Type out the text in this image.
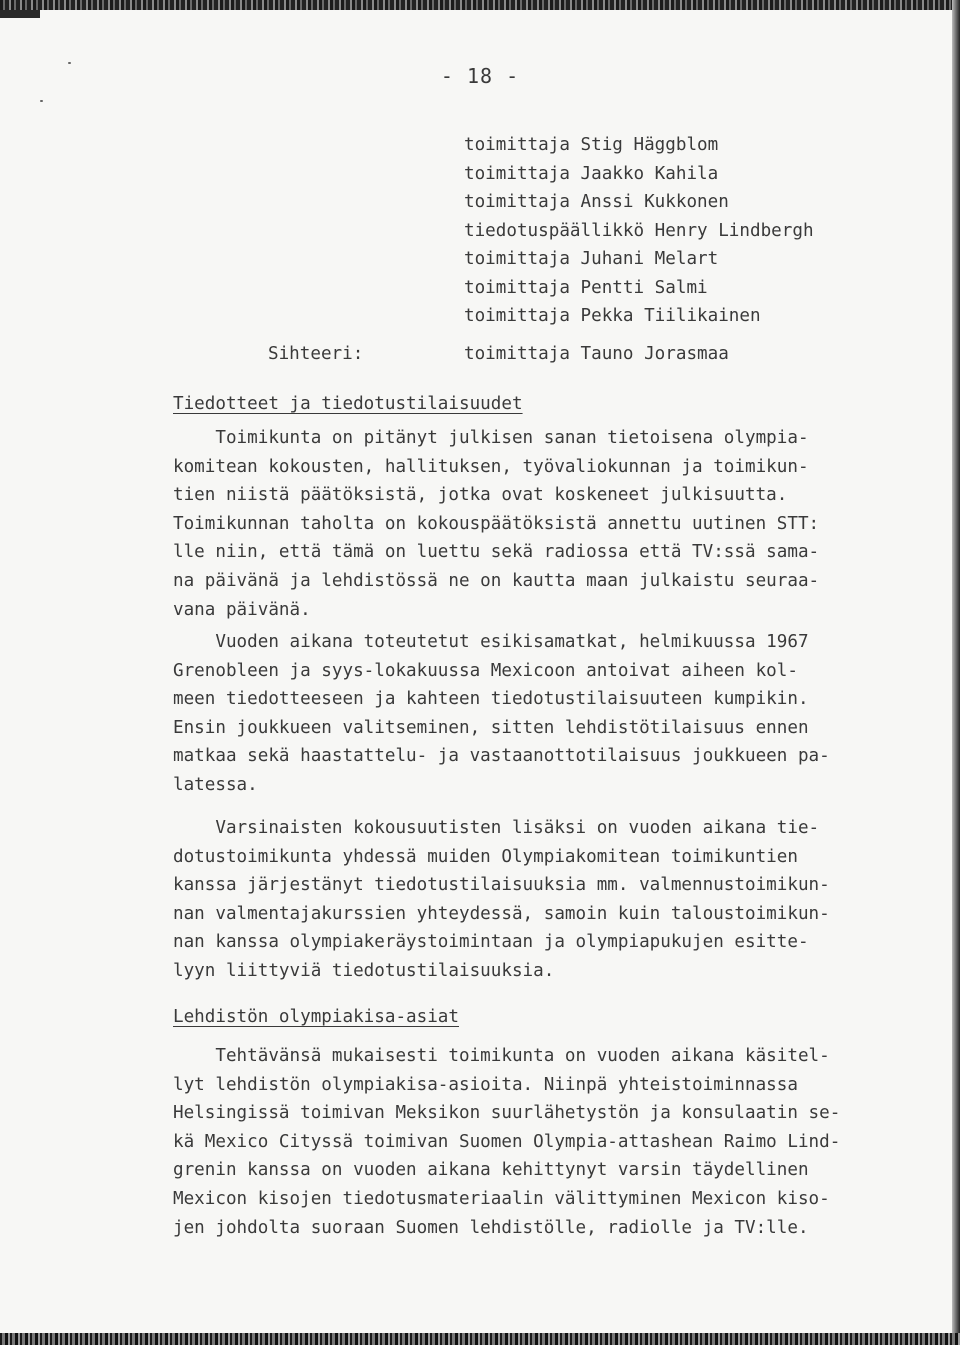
- 18 -
toimittaja Stig Häggblom
toimittaja Jaakko Kahila
toimittaja Anssi Kukkonen
tiedotuspäällikkö Henry Lindbergh
toimittaja Juhani Melart
toimittaja Pentti Salmi
toimittaja Pekka Tiilikainen
Sihteeri:	toimittaja Tauno Jorasmaa
Tiedotteet ja tiedotustilaisuudet
Toimikunta on pitänyt julkisen sanan tietoisena olympia-
komitean kokousten, hallituksen, työvaliokunnan ja toimikun-
tien niistä päätöksistä, jotka ovat koskeneet julkisuutta.
Toimikunnan taholta on kokouspäätöksistä annettu uutinen STT:
lle niin, että tämä on luettu sekä radiossa että TV:ssä sama-
na päivänä ja lehdistössä ne on kautta maan julkaistu seuraa-
vana päivänä.
Vuoden aikana toteutetut esikisamatkat, helmikuussa 1967
Grenobleen ja syys-lokakuussa Mexicoon antoivat aiheen kol-
meen tiedotteeseen ja kahteen tiedotustilaisuuteen kumpikin.
Ensin joukkueen valitseminen, sitten lehdistötilaisuus ennen
matkaa sekä haastattelu- ja vastaanottotilaisuus joukkueen pa-
latessa.
Varsinaisten kokousuutisten lisäksi on vuoden aikana tie-
dotustoimikunta yhdessä muiden Olympiakomitean toimikuntien
kanssa järjestänyt tiedotustilaisuuksia mm. valmennustoimikun-
nan valmentajakurssien yhteydessä, samoin kuin taloustoimikun-
nan kanssa olympiakeräystoimintaan ja olympiapukujen esitte-
lyyn liittyviä tiedotustilaisuuksia.
Lehdistön olympiakisa-asiat
Tehtävänsä mukaisesti toimikunta on vuoden aikana käsitel-
lyt lehdistön olympiakisa-asioita. Niinpä yhteistoiminnassa
Helsingissä toimivan Meksikon suurlähetystön ja konsulaatin se-
kä Mexico Cityssä toimivan Suomen Olympia-attashean Raimo Lind-
grenin kanssa on vuoden aikana kehittynyt varsin täydellinen
Mexicon kisojen tiedotusmateriaalin välittyminen Mexicon kiso-
jen johdolta suoraan Suomen lehdistölle, radiolle ja TV:lle.
